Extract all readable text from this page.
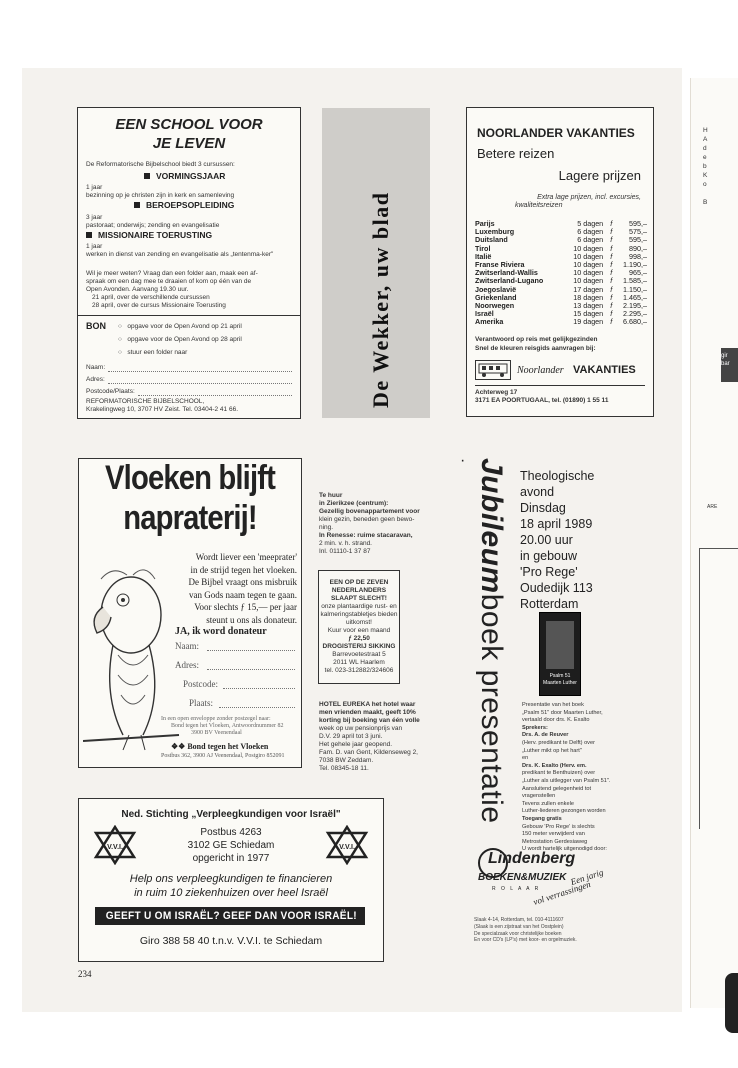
H
A
d
e
b
K
o

B
gir
bar
ARE
EEN SCHOOL VOOR
JE LEVEN
De Reformatorische Bijbelschool biedt 3 cursussen:
VORMINGSJAAR
1 jaar
bezinning op je christen zijn in kerk en samenleving
BEROEPSOPLEIDING
3 jaar
pastoraat; onderwijs; zending en evangelisatie
MISSIONAIRE TOERUSTING
1 jaar
werken in dienst van zending en evangelisatie als „tentenma-ker"
Wil je meer weten? Vraag dan een folder aan, maak een af-
spraak om een dag mee te draaien of kom op één van de
Open Avonden. Aanvang 19.30 uur.
21 april, over de verschillende cursussen
28 april, over de cursus Missionaire Toerusting
BON ○   opgave voor de Open Avond op 21 april
○   opgave voor de Open Avond op 28 april
○   stuur een folder naar
Naam:
Adres:
Postcode/Plaats:
REFORMATORISCHE BIJBELSCHOOL,
Krakelingweg 10, 3707 HV Zeist. Tel. 03404-2 41 66.
De Wekker, uw blad
NOORLANDER VAKANTIES
Betere reizen
Lagere prijzen
Extra lage prijzen, incl. excursies,
kwaliteitsreizen
Parijs	5 dagen	f	595,–
Luxemburg	6 dagen	f	575,–
Duitsland	6 dagen	f	595,–
Tirol	10 dagen	f	890,–
Italië	10 dagen	f	998,–
Franse Riviera	10 dagen	f	1.190,–
Zwitserland-Wallis	10 dagen	f	965,–
Zwitserland-Lugano	10 dagen	f	1.585,–
Joegoslavië	17 dagen	f	1.150,–
Griekenland	18 dagen	f	1.465,–
Noorwegen	13 dagen	f	2.195,–
Israël	15 dagen	f	2.295,–
Amerika	19 dagen	f	6.680,–
Verantwoord op reis met gelijkgezinden
Snel de kleuren reisgids aanvragen bij:
Noorlander VAKANTIES
Achterweg 17
3171 EA POORTUGAAL, tel. (01890) 1 55 11
Vloeken blijft
napraterij!
Wordt liever een 'meeprater'
in de strijd tegen het vloeken.
De Bijbel vraagt ons misbruik
van Gods naam tegen te gaan.
Voor slechts ƒ 15,— per jaar
steunt u ons als donateur.
JA, ik word donateur
Naam:
Adres:
Postcode:
Plaats:
In een open enveloppe zonder postzegel naar:
Bond tegen het Vloeken, Antwoordnummer 82
3900 BV Veenendaal
❖❖ Bond tegen het Vloeken
Postbus 362, 3900 AJ Veenendaal, Postgiro 852091
Te huur
in Zierikzee (centrum):
Gezellig bovenappartement voor
klein gezin, beneden geen bewo-
ning.
In Renesse: ruime stacaravan,
2 min. v. h. strand.
Inl. 01110-1 37 87
EEN OP DE ZEVEN
NEDERLANDERS
SLAAPT SLECHT!
onze plantaardige rust- en
kalmeringstabletjes bieden
uitkomst!
Kuur voor een maand
ƒ 22,50
DROGISTERIJ SIKKING
Barrevoetestraat 5
2011 WL Haarlem
tel. 023-312882/324606
HOTEL EUREKA het hotel waar
men vrienden maakt, geeft 10%
korting bij boeking van één volle
week op uw pensionprijs van
D.V. 29 april tot 3 juni.
Het gehele jaar geopend.
Fam. D. van Gent, Kildenseweg 2,
7038 BW Zeddam.
Tel. 08345-18 11.
Jubileumboek presentatie
Theologische
avond
Dinsdag
18 april 1989
20.00 uur
in gebouw
'Pro Rege'
Oudedijk 113
Rotterdam
Psalm 51
Maarten Luther
Presentatie van het boek
„Psalm 51" door Maarten Luther,
vertaald door drs. K. Exalto
Sprekers:
Drs. A. de Reuver
(Herv. predikant te Delft) over
„Luther mikt op het hart"
en
Drs. K. Exalto (Herv. em.
predikant te Benthuizen) over
„Luther als uitlegger van Psalm 51".
Aansluitend gelegenheid tot
vragenstellen
Tevens zullen enkele
Luther-liederen gezongen worden
Toegang gratis
Gebouw 'Pro Rege' is slechts
150 meter verwijderd van
Metrostation Gerdesiaweg
U wordt hartelijk uitgenodigd door:
Lindenberg
BOEKEN&MUZIEK
R O L A A R
Een jarig
vol verrassingen
Slaak 4-14, Rotterdam, tel. 010-4111607
(Slaak is een zijstraat van het Oostplein)
De specialzaak voor christelijke boeken
En voor CD's (LP's) met koor- en orgelmuziek.
Ned. Stichting „Verpleegkundigen voor Israël"
V.V.I.	V.V.I.
Postbus 4263
3102 GE Schiedam
opgericht in 1977
Help ons verpleegkundigen te financieren
in ruim 10 ziekenhuizen over heel Israël
GEEFT U OM ISRAËL? GEEF DAN VOOR ISRAËL!
Giro 388 58 40 t.n.v. V.V.I. te Schiedam
234
